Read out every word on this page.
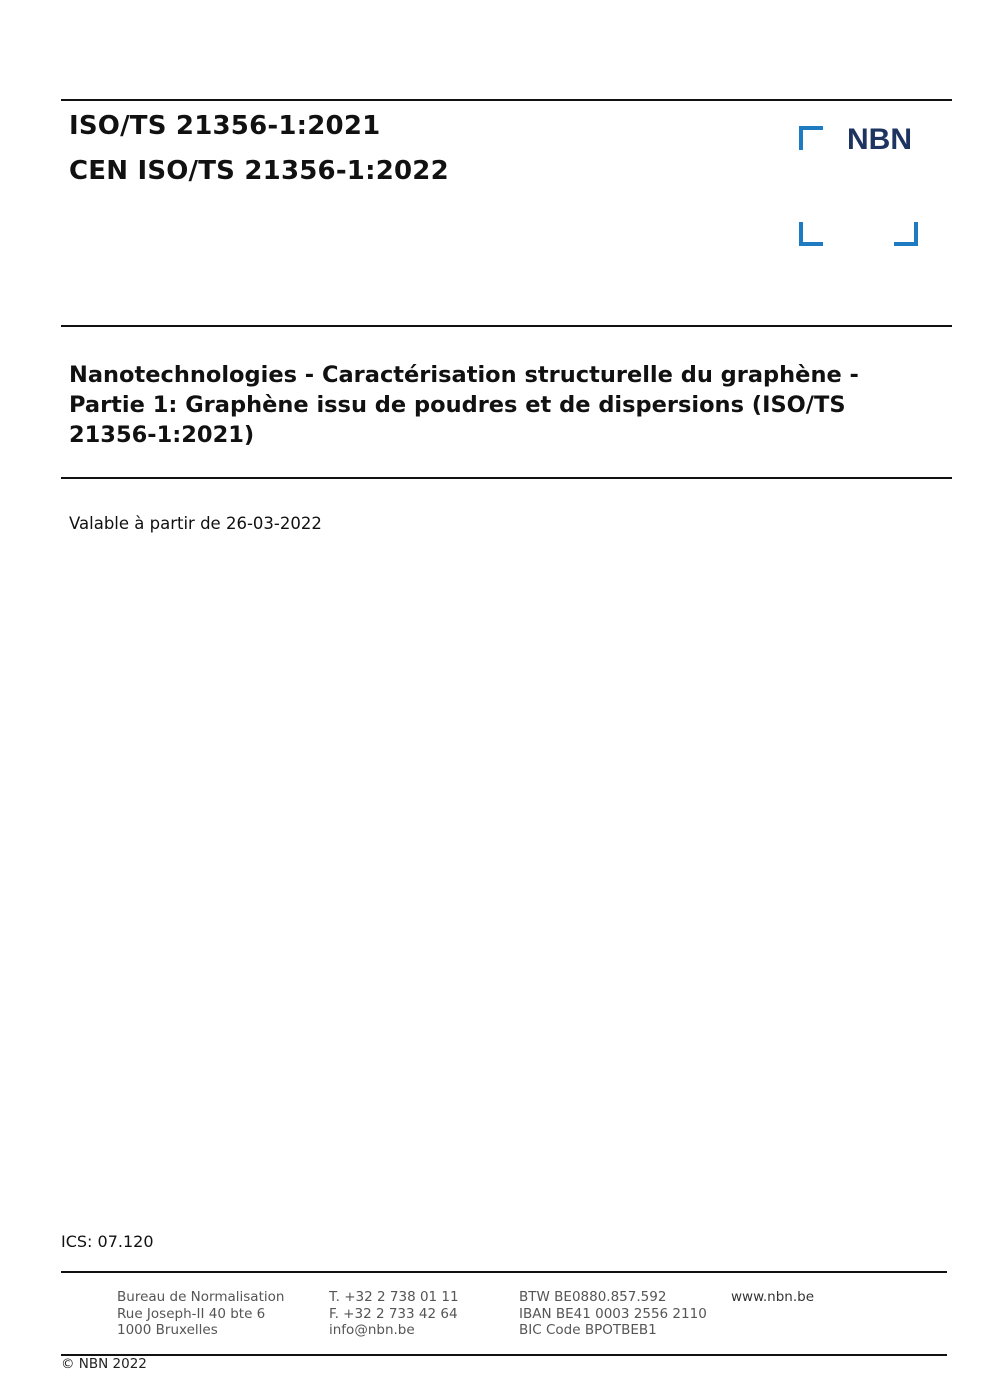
ISO/TS 21356-1:2021
CEN ISO/TS 21356-1:2022
NBN
Nanotechnologies - Caractérisation structurelle du graphène - Partie 1: Graphène issu de poudres et de dispersions (ISO/TS 21356-1:2021)
Valable à partir de 26-03-2022
ICS: 07.120
Bureau de Normalisation
Rue Joseph-II 40 bte 6
1000 Bruxelles
T. +32 2 738 01 11
F. +32 2 733 42 64
info@nbn.be
BTW BE0880.857.592
IBAN BE41 0003 2556 2110
BIC Code BPOTBEB1
www.nbn.be
© NBN 2022
